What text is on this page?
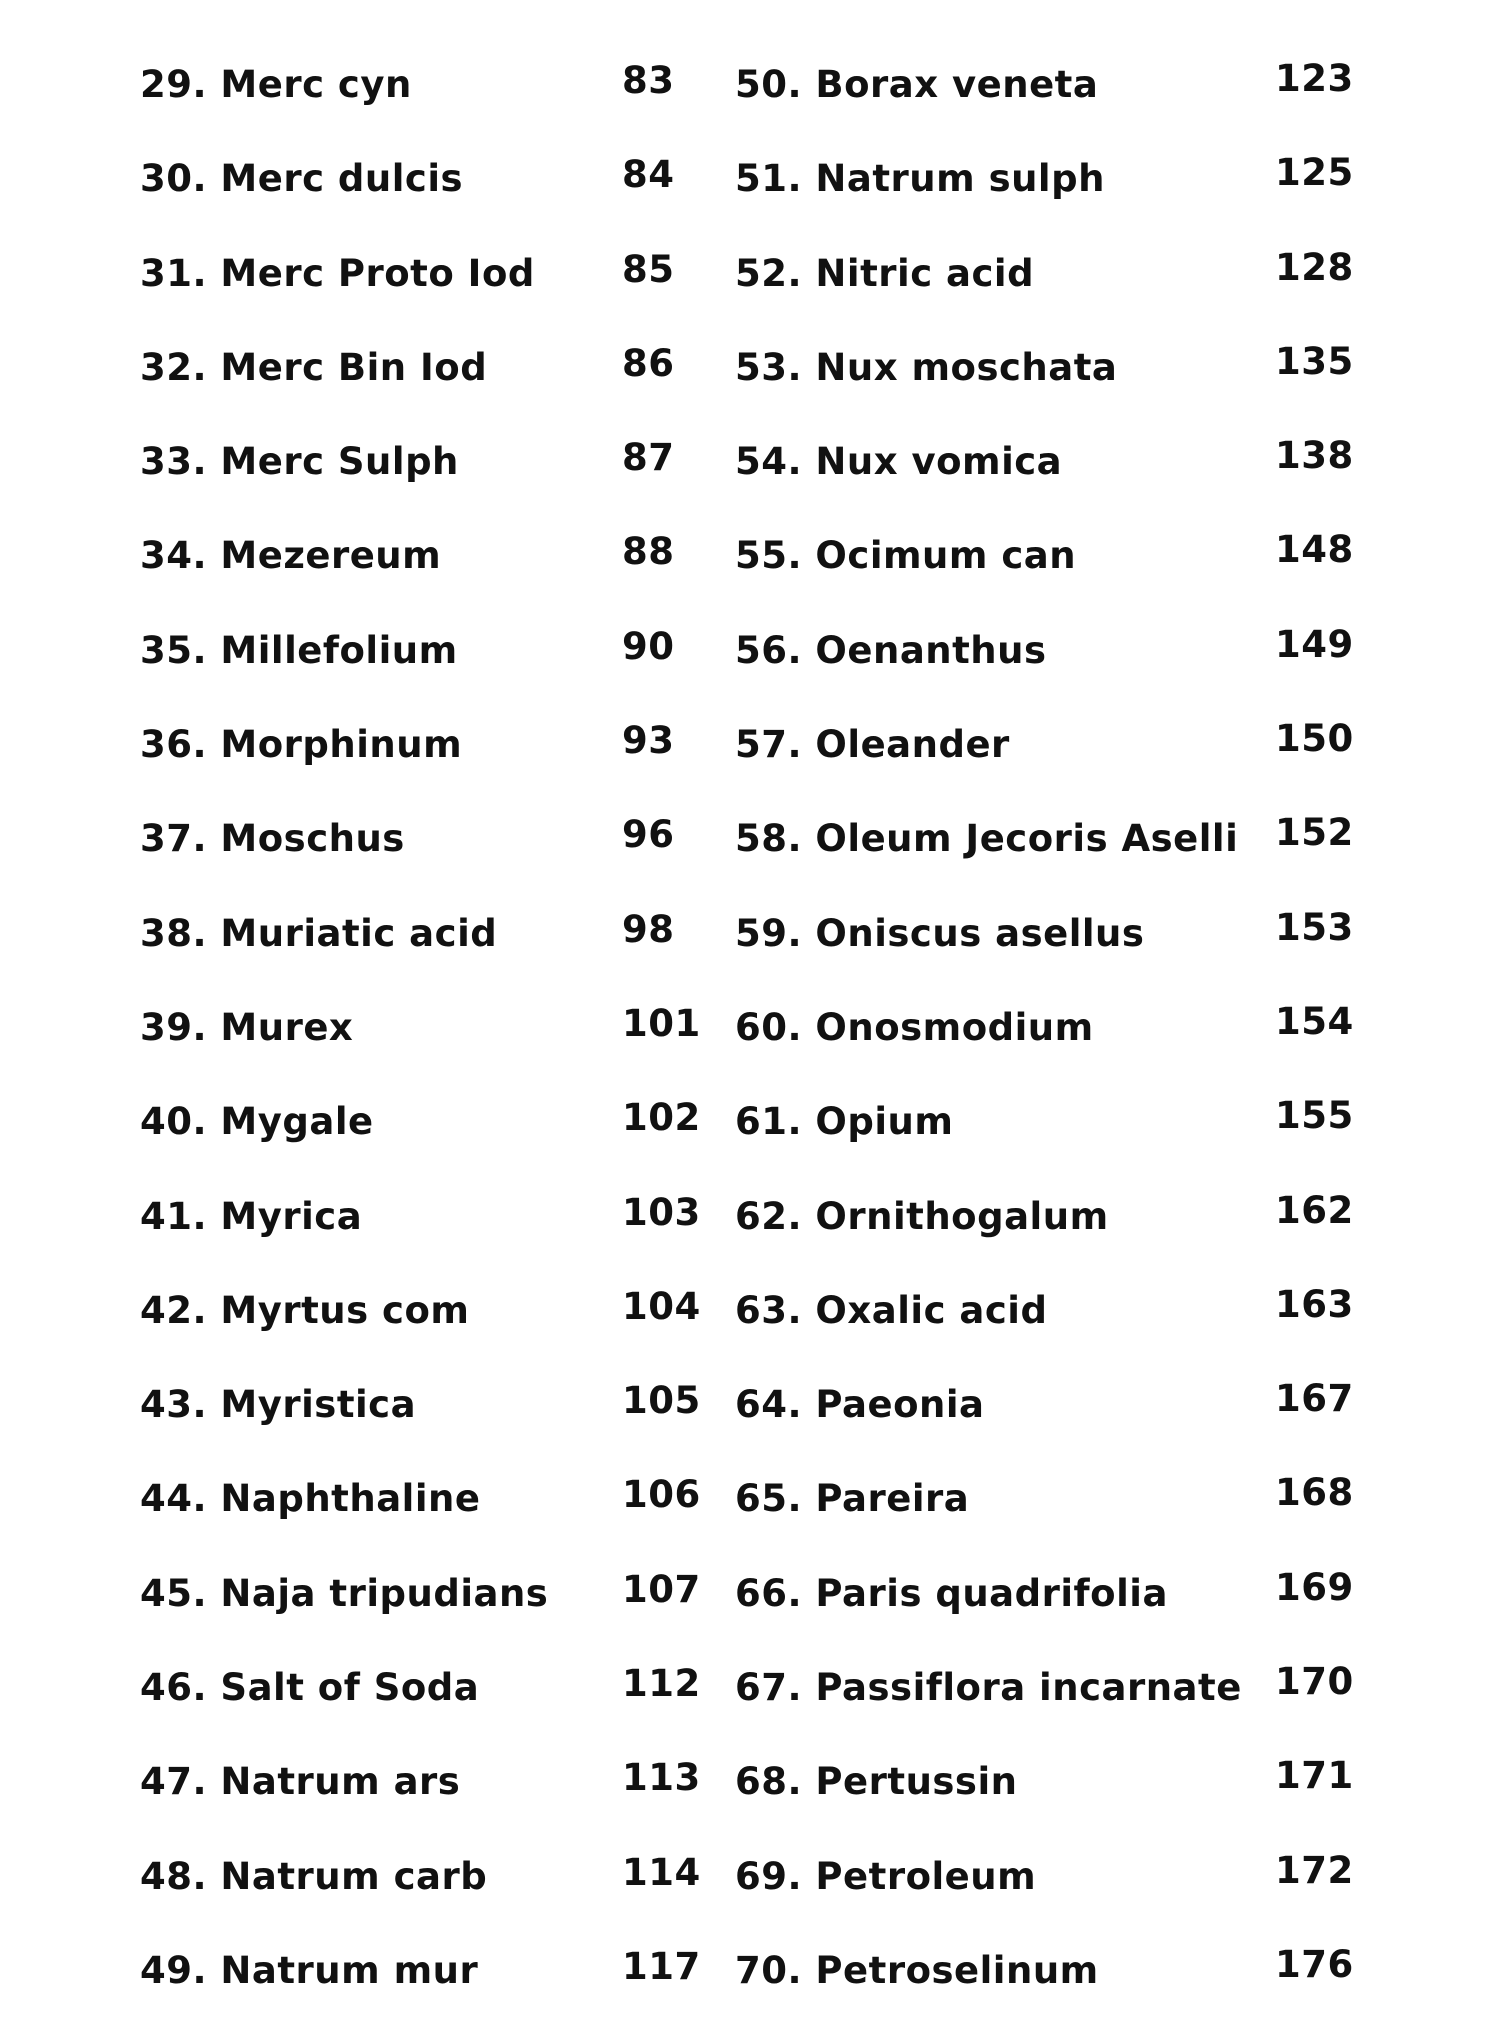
29. Merc cyn	83
30. Merc dulcis	84
31. Merc Proto Iod 85
32. Merc Bin Iod	86
33. Merc Sulph	87
34. Mezereum	88
35. Millefolium	90
36. Morphinum	93
37. Moschus	96
38. Muriatic acid	98
39. Murex	101
40. Mygale	102
41. Myrica	103
42. Myrtus com	104
43. Myristica	105
44. Naphthaline	106
45. Naja tripudians 107
46. Salt of Soda	112
47. Natrum ars	113
48. Natrum carb	114
49. Natrum mur	117
50. Borax veneta	123
51. Natrum sulph	125
52. Nitric acid	128
53. Nux moschata	135
54. Nux vomica	138
55. Ocimum can	148
56. Oenanthus	149
57. Oleander	150
58. Oleum Jecoris Aselli 152
59. Oniscus asellus	153
60. Onosmodium	154
61. Opium	155
62. Ornithogalum	162
63. Oxalic acid	163
64. Paeonia	167
65. Pareira	168
66. Paris quadrifolia	169
67. Passiflora incarnate 170
68. Pertussin	171
69. Petroleum	172
70. Petroselinum	176
